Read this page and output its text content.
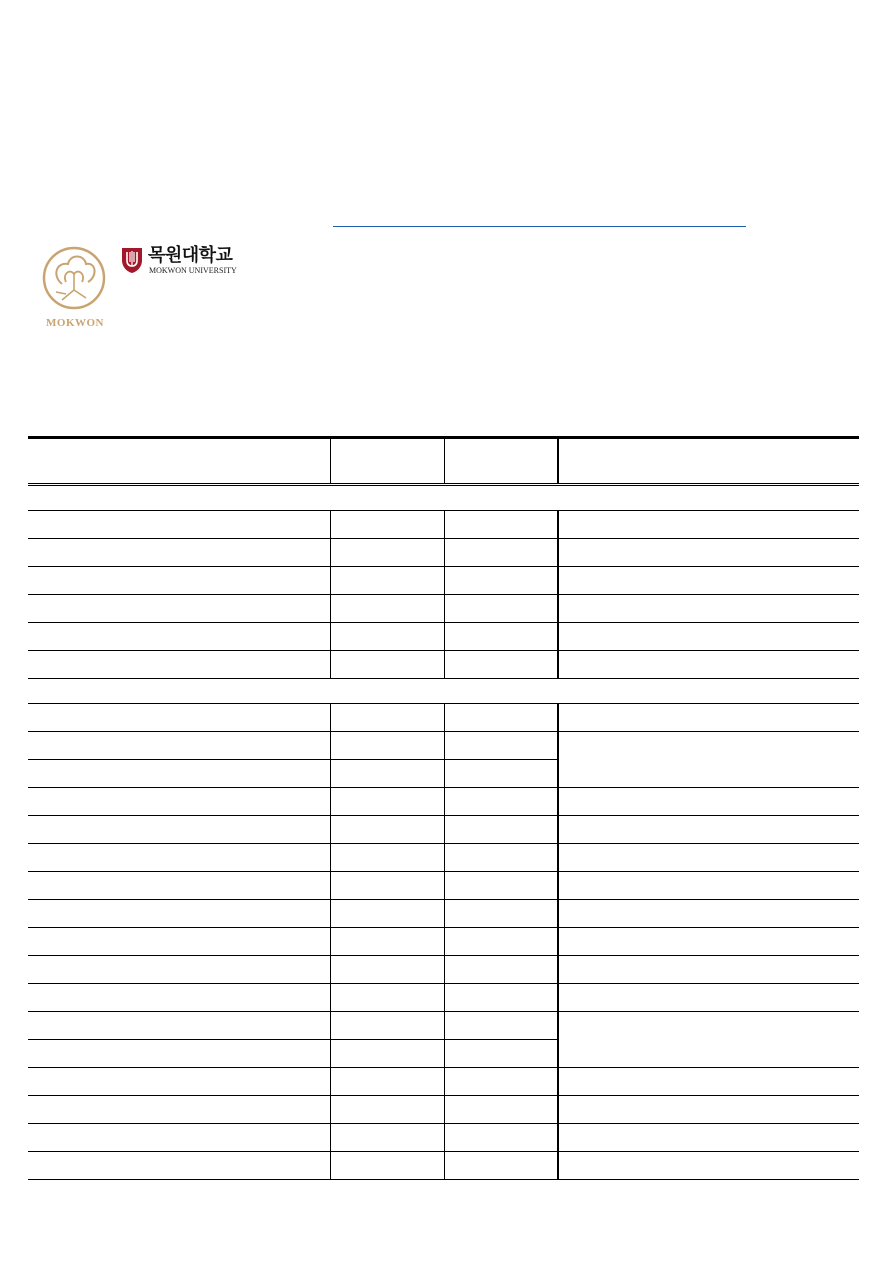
MOKWON
목원대학교
MOKWON UNIVERSITY
